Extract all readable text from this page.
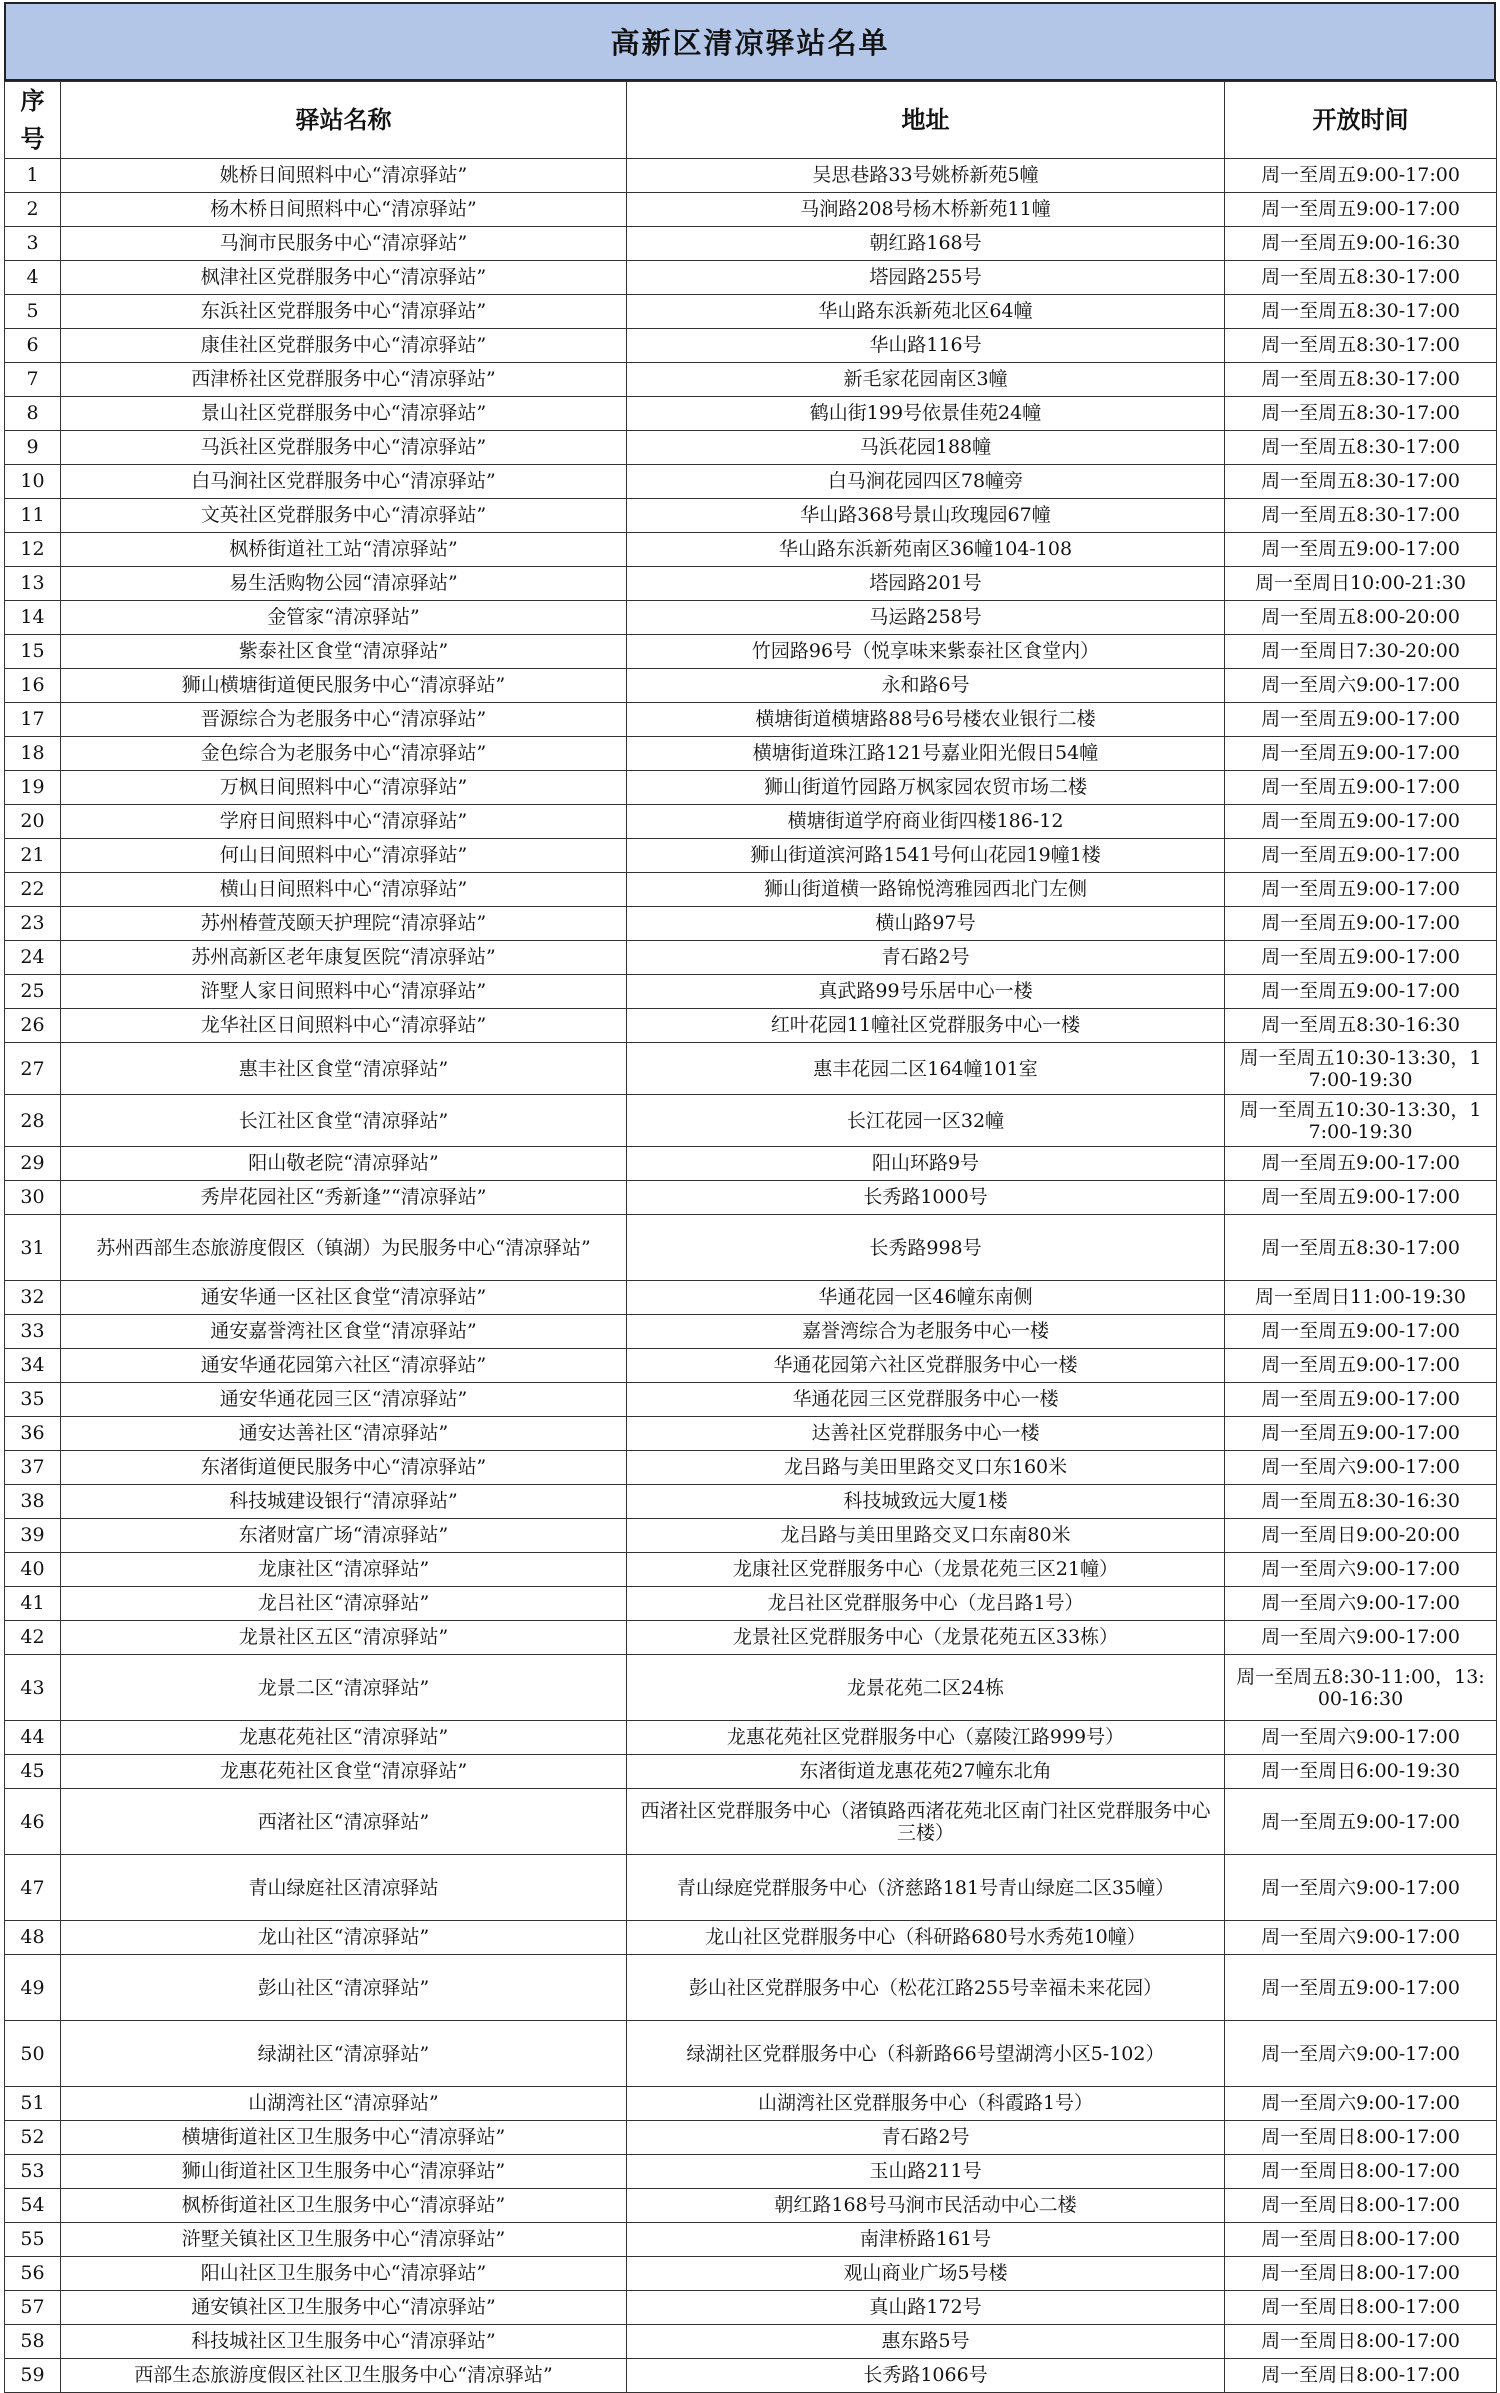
高新区清凉驿站名单
序号	驿站名称	地址	开放时间
1	姚桥日间照料中心“清凉驿站”	吴思巷路33号姚桥新苑5幢	周一至周五9:00-17:00
2	杨木桥日间照料中心“清凉驿站”	马涧路208号杨木桥新苑11幢	周一至周五9:00-17:00
3	马涧市民服务中心“清凉驿站”	朝红路168号	周一至周五9:00-16:30
4	枫津社区党群服务中心“清凉驿站”	塔园路255号	周一至周五8:30-17:00
5	东浜社区党群服务中心“清凉驿站”	华山路东浜新苑北区64幢	周一至周五8:30-17:00
6	康佳社区党群服务中心“清凉驿站”	华山路116号	周一至周五8:30-17:00
7	西津桥社区党群服务中心“清凉驿站”	新毛家花园南区3幢	周一至周五8:30-17:00
8	景山社区党群服务中心“清凉驿站”	鹤山街199号依景佳苑24幢	周一至周五8:30-17:00
9	马浜社区党群服务中心“清凉驿站”	马浜花园188幢	周一至周五8:30-17:00
10	白马涧社区党群服务中心“清凉驿站”	白马涧花园四区78幢旁	周一至周五8:30-17:00
11	文英社区党群服务中心“清凉驿站”	华山路368号景山玫瑰园67幢	周一至周五8:30-17:00
12	枫桥街道社工站“清凉驿站”	华山路东浜新苑南区36幢104-108	周一至周五9:00-17:00
13	易生活购物公园“清凉驿站”	塔园路201号	周一至周日10:00-21:30
14	金管家“清凉驿站”	马运路258号	周一至周五8:00-20:00
15	紫泰社区食堂“清凉驿站”	竹园路96号（悦享味来紫泰社区食堂内）	周一至周日7:30-20:00
16	狮山横塘街道便民服务中心“清凉驿站”	永和路6号	周一至周六9:00-17:00
17	晋源综合为老服务中心“清凉驿站”	横塘街道横塘路88号6号楼农业银行二楼	周一至周五9:00-17:00
18	金色综合为老服务中心“清凉驿站”	横塘街道珠江路121号嘉业阳光假日54幢	周一至周五9:00-17:00
19	万枫日间照料中心“清凉驿站”	狮山街道竹园路万枫家园农贸市场二楼	周一至周五9:00-17:00
20	学府日间照料中心“清凉驿站”	横塘街道学府商业街四楼186-12	周一至周五9:00-17:00
21	何山日间照料中心“清凉驿站”	狮山街道滨河路1541号何山花园19幢1楼	周一至周五9:00-17:00
22	横山日间照料中心“清凉驿站”	狮山街道横一路锦悦湾雅园西北门左侧	周一至周五9:00-17:00
23	苏州椿萱茂颐天护理院“清凉驿站”	横山路97号	周一至周五9:00-17:00
24	苏州高新区老年康复医院“清凉驿站”	青石路2号	周一至周五9:00-17:00
25	浒墅人家日间照料中心“清凉驿站”	真武路99号乐居中心一楼	周一至周五9:00-17:00
26	龙华社区日间照料中心“清凉驿站”	红叶花园11幢社区党群服务中心一楼	周一至周五8:30-16:30
27	惠丰社区食堂“清凉驿站”	惠丰花园二区164幢101室	周一至周五10:30-13:30，17:00-19:30
28	长江社区食堂“清凉驿站”	长江花园一区32幢	周一至周五10:30-13:30，17:00-19:30
29	阳山敬老院“清凉驿站”	阳山环路9号	周一至周五9:00-17:00
30	秀岸花园社区“秀新逢”“清凉驿站”	长秀路1000号	周一至周五9:00-17:00
31	苏州西部生态旅游度假区（镇湖）为民服务中心“清凉驿站”	长秀路998号	周一至周五8:30-17:00
32	通安华通一区社区食堂“清凉驿站”	华通花园一区46幢东南侧	周一至周日11:00-19:30
33	通安嘉誉湾社区食堂“清凉驿站”	嘉誉湾综合为老服务中心一楼	周一至周五9:00-17:00
34	通安华通花园第六社区“清凉驿站”	华通花园第六社区党群服务中心一楼	周一至周五9:00-17:00
35	通安华通花园三区“清凉驿站”	华通花园三区党群服务中心一楼	周一至周五9:00-17:00
36	通安达善社区“清凉驿站”	达善社区党群服务中心一楼	周一至周五9:00-17:00
37	东渚街道便民服务中心“清凉驿站”	龙吕路与美田里路交叉口东160米	周一至周六9:00-17:00
38	科技城建设银行“清凉驿站”	科技城致远大厦1楼	周一至周五8:30-16:30
39	东渚财富广场“清凉驿站”	龙吕路与美田里路交叉口东南80米	周一至周日9:00-20:00
40	龙康社区“清凉驿站”	龙康社区党群服务中心（龙景花苑三区21幢）	周一至周六9:00-17:00
41	龙吕社区“清凉驿站”	龙吕社区党群服务中心（龙吕路1号）	周一至周六9:00-17:00
42	龙景社区五区“清凉驿站”	龙景社区党群服务中心（龙景花苑五区33栋）	周一至周六9:00-17:00
43	龙景二区“清凉驿站”	龙景花苑二区24栋	周一至周五8:30-11:00，13:00-16:30
44	龙惠花苑社区“清凉驿站”	龙惠花苑社区党群服务中心（嘉陵江路999号）	周一至周六9:00-17:00
45	龙惠花苑社区食堂“清凉驿站”	东渚街道龙惠花苑27幢东北角	周一至周日6:00-19:30
46	西渚社区“清凉驿站”	西渚社区党群服务中心（渚镇路西渚花苑北区南门社区党群服务中心三楼）	周一至周五9:00-17:00
47	青山绿庭社区清凉驿站	青山绿庭党群服务中心（济慈路181号青山绿庭二区35幢）	周一至周六9:00-17:00
48	龙山社区“清凉驿站”	龙山社区党群服务中心（科研路680号水秀苑10幢）	周一至周六9:00-17:00
49	彭山社区“清凉驿站”	彭山社区党群服务中心（松花江路255号幸福未来花园）	周一至周五9:00-17:00
50	绿湖社区“清凉驿站”	绿湖社区党群服务中心（科新路66号望湖湾小区5-102）	周一至周六9:00-17:00
51	山湖湾社区“清凉驿站”	山湖湾社区党群服务中心（科霞路1号）	周一至周六9:00-17:00
52	横塘街道社区卫生服务中心“清凉驿站”	青石路2号	周一至周日8:00-17:00
53	狮山街道社区卫生服务中心“清凉驿站”	玉山路211号	周一至周日8:00-17:00
54	枫桥街道社区卫生服务中心“清凉驿站”	朝红路168号马涧市民活动中心二楼	周一至周日8:00-17:00
55	浒墅关镇社区卫生服务中心“清凉驿站”	南津桥路161号	周一至周日8:00-17:00
56	阳山社区卫生服务中心“清凉驿站”	观山商业广场5号楼	周一至周日8:00-17:00
57	通安镇社区卫生服务中心“清凉驿站”	真山路172号	周一至周日8:00-17:00
58	科技城社区卫生服务中心“清凉驿站”	惠东路5号	周一至周日8:00-17:00
59	西部生态旅游度假区社区卫生服务中心“清凉驿站”	长秀路1066号	周一至周日8:00-17:00
